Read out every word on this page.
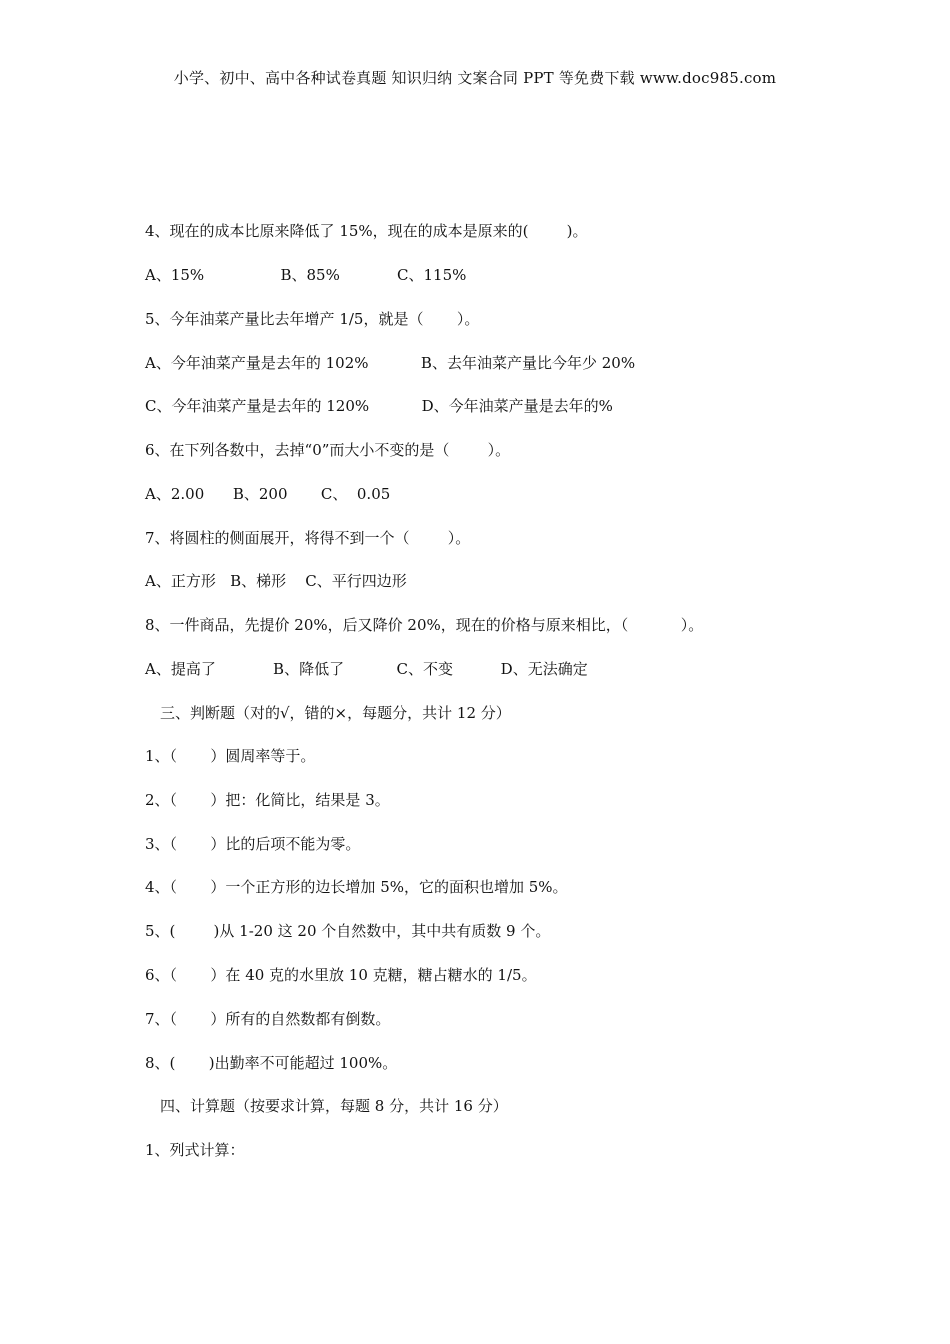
小学、初中、高中各种试卷真题 知识归纳 文案合同 PPT 等免费下载 www.doc985.com
4、现在的成本比原来降低了 15%，现在的成本是原来的(        )。
A、15%                B、85%            C、115%
5、今年油菜产量比去年增产 1/5，就是（       ）。
A、今年油菜产量是去年的 102%           B、去年油菜产量比今年少 20%
C、今年油菜产量是去年的 120%           D、今年油菜产量是去年的%
6、在下列各数中，去掉“0”而大小不变的是（        ）。
A、2.00      B、200       C、  0.05
7、将圆柱的侧面展开，将得不到一个（        ）。
A、正方形   B、梯形    C、平行四边形
8、一件商品，先提价 20%，后又降价 20%，现在的价格与原来相比，（           ）。
A、提高了            B、降低了           C、不变          D、无法确定
三、判断题（对的√，错的×，每题分，共计 12 分）
1、（       ）圆周率等于。
2、（       ）把：化简比，结果是 3。
3、（       ）比的后项不能为零。
4、（       ）一个正方形的边长增加 5%，它的面积也增加 5%。
5、(        )从 1-20 这 20 个自然数中，其中共有质数 9 个。
6、（       ）在 40 克的水里放 10 克糖，糖占糖水的 1/5。
7、（       ）所有的自然数都有倒数。
8、(       )出勤率不可能超过 100%。
四、计算题（按要求计算，每题 8 分，共计 16 分）
1、列式计算：
